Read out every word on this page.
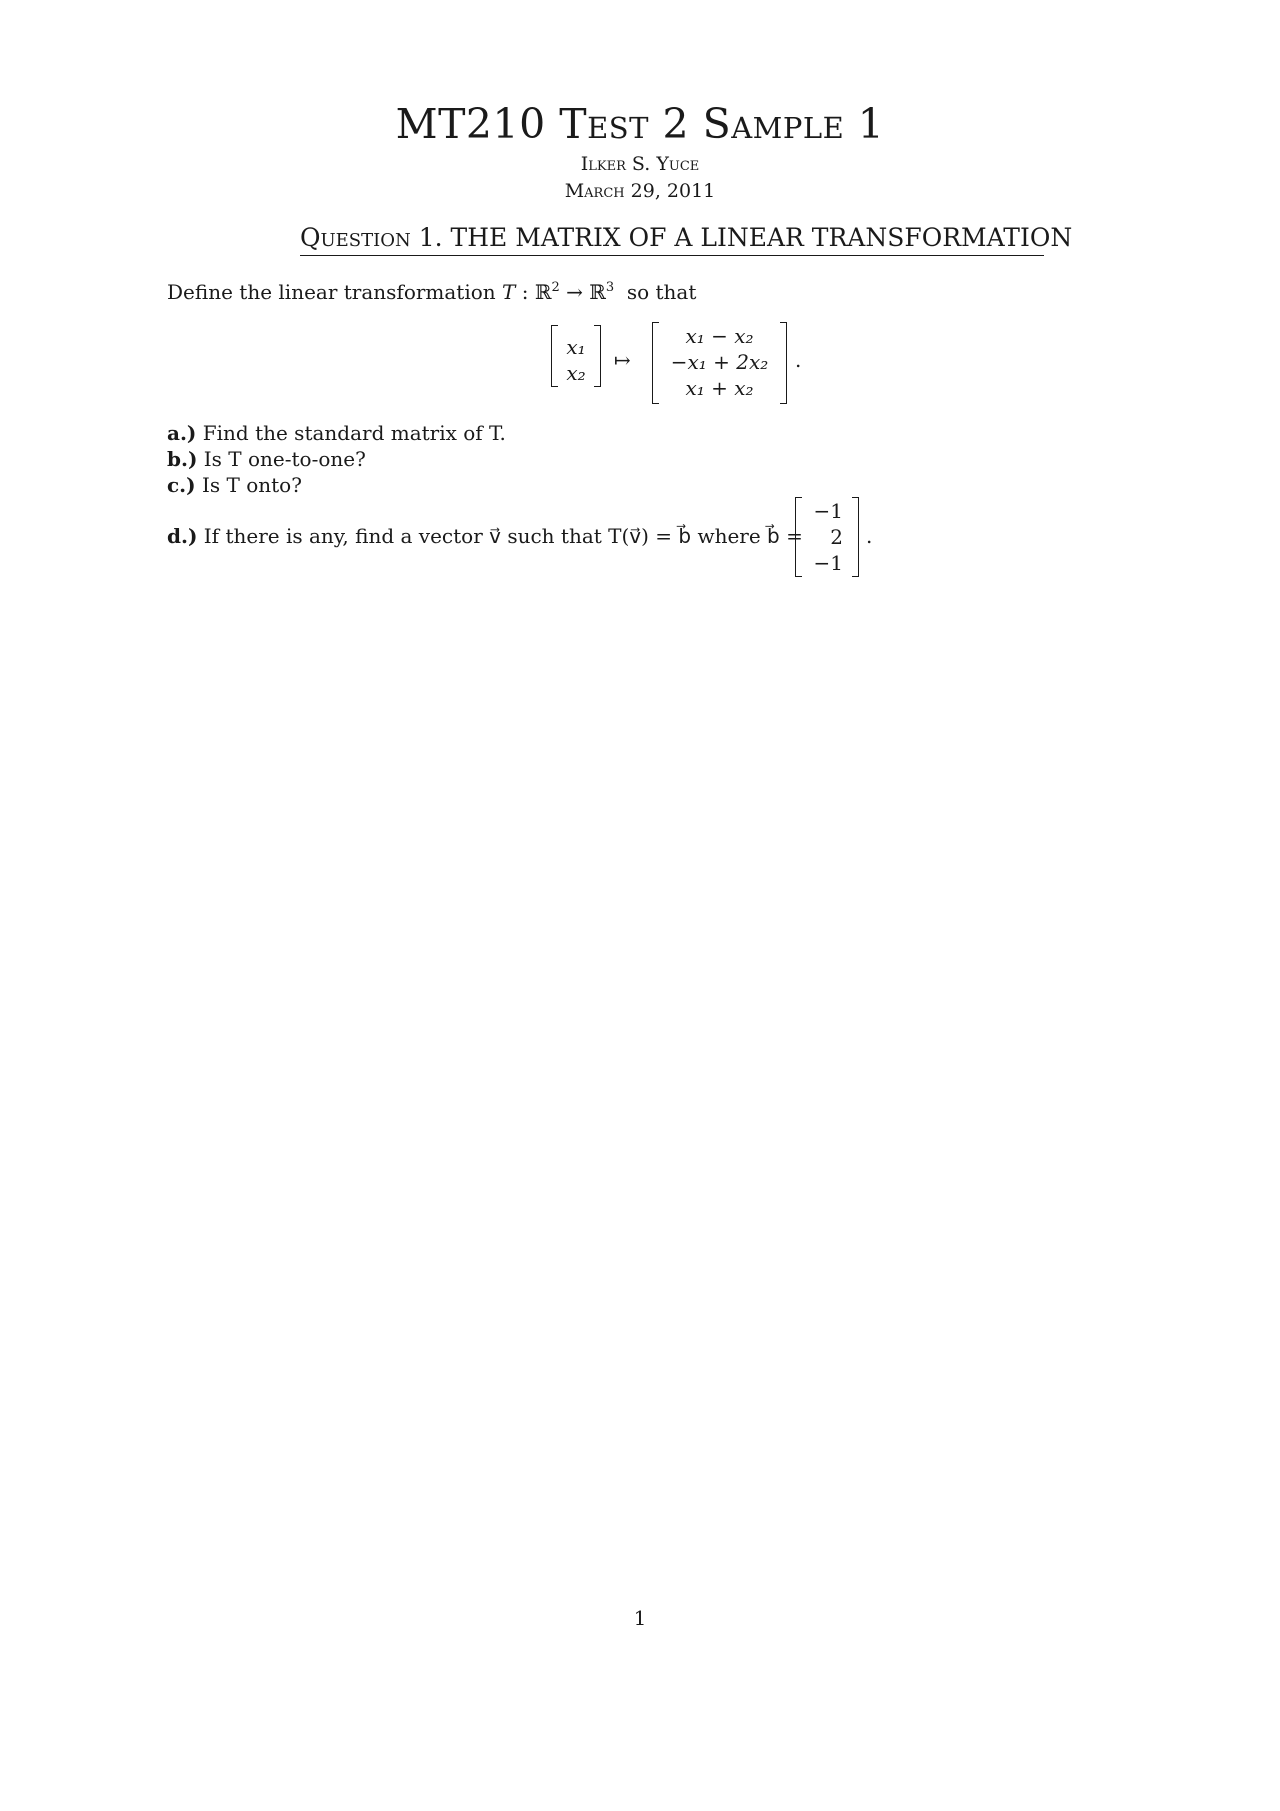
MT210 Test 2 Sample 1
Ilker S. Yuce
March 29, 2011
Question 1. THE MATRIX OF A LINEAR TRANSFORMATION
Define the linear transformation T : ℝ$^2$ → ℝ$^3$ so that
x₁
x₂
↦
x₁ − x₂
−x₁ + 2x₂
x₁ + x₂
.
a.) Find the standard matrix of T.
b.) Is T one-to-one?
c.) Is T onto?
d.) If there is any, find a vector v⃗ such that T(v⃗) = b⃗ where b⃗ =
−1
2
−1
.
1
